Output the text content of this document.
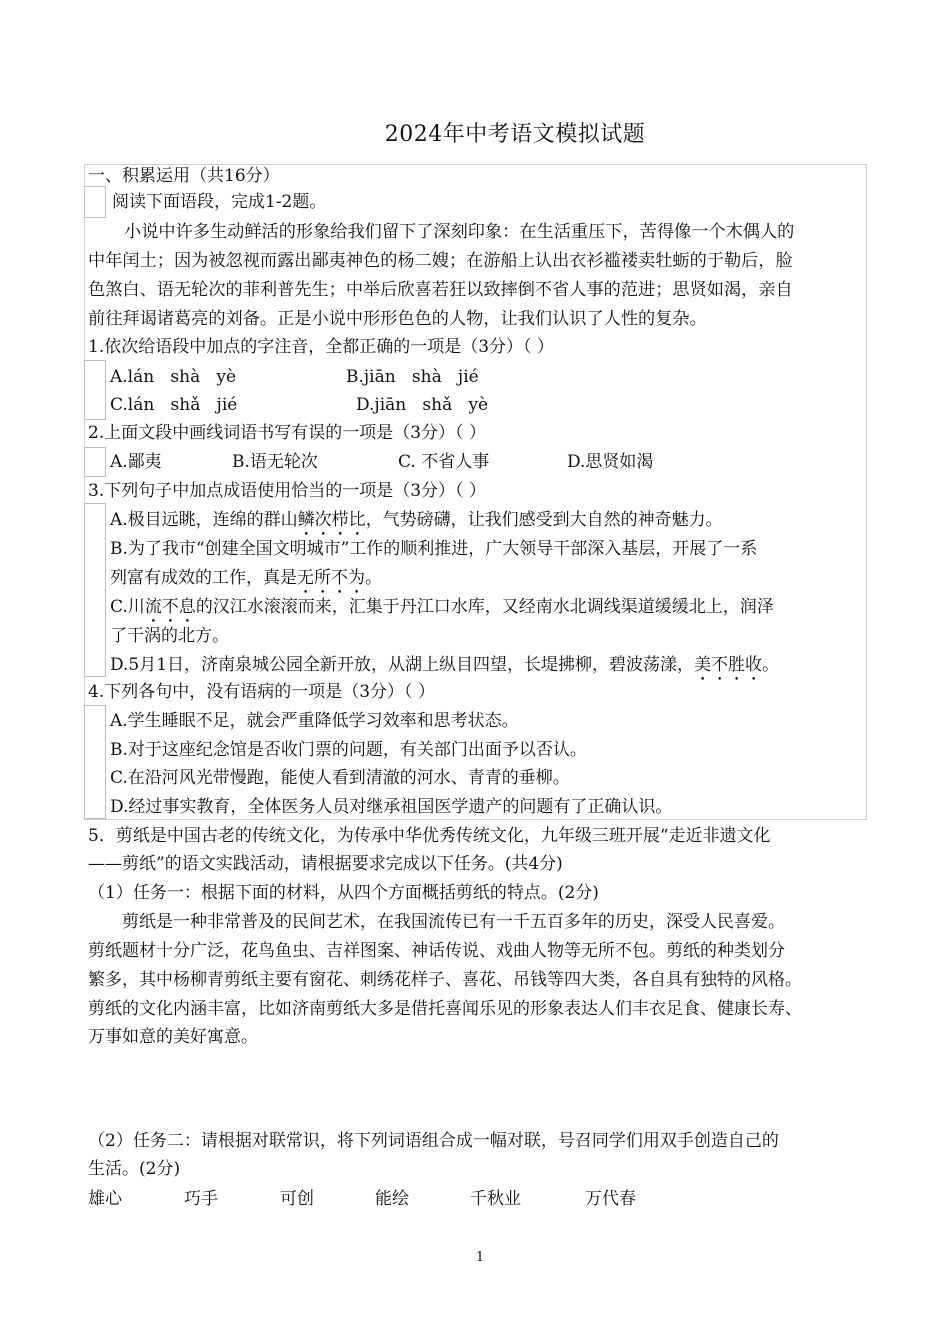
2024年中考语文模拟试题
一、积累运用（共16分）
阅读下面语段，完成1-2题。
小说中许多生动鲜活的形象给我们留下了深刻印象：在生活重压下，苦得像一个木偶人的
中年闰土；因为被忽视而露出鄙夷神色的杨二嫂；在游船上认出衣衫褴褛卖牡蛎的于勒后，脸
色煞白、语无轮次的菲利普先生；中举后欣喜若狂以致摔倒不省人事的范进；思贤如渴，亲自
前往拜谒诸葛亮的刘备。正是小说中形形色色的人物，让我们认识了人性的复杂。
1.依次给语段中加点的字注音，全都正确的一项是（3分）（ ）
A.lán   shà   yè	B.jiān   shà   jié
C.lán   shǎ   jié	D.jiān   shǎ   yè
2.上面文段中画线词语书写有误的一项是（3分）（ ）
A.鄙夷	B.语无轮次	C. 不省人事	D.思贤如渴
3.下列句子中加点成语使用恰当的一项是（3分）（ ）
A.极目远眺，连绵的群山鳞次栉比，气势磅礴，让我们感受到大自然的神奇魅力。
B.为了我市“创建全国文明城市”工作的顺利推进，广大领导干部深入基层，开展了一系
列富有成效的工作，真是无所不为。
C.川流不息的汉江水滚滚而来，汇集于丹江口水库，又经南水北调线渠道缓缓北上，润泽
了干涡的北方。
D.5月1日，济南泉城公园全新开放，从湖上纵目四望，长堤拂柳，碧波荡漾，美不胜收。
4.下列各句中，没有语病的一项是（3分）（ ）
A.学生睡眠不足，就会严重降低学习效率和思考状态。
B.对于这座纪念馆是否收门票的问题，有关部门出面予以否认。
C.在沿河风光带慢跑，能使人看到清澈的河水、青青的垂柳。
D.经过事实教育，全体医务人员对继承祖国医学遗产的问题有了正确认识。
5．剪纸是中国古老的传统文化，为传承中华优秀传统文化，九年级三班开展“走近非遗文化
——剪纸”的语文实践活动，请根据要求完成以下任务。(共4分)
（1）任务一：根据下面的材料，从四个方面概括剪纸的特点。(2分)
剪纸是一种非常普及的民间艺术，在我国流传已有一千五百多年的历史，深受人民喜爱。
剪纸题材十分广泛，花鸟鱼虫、吉祥图案、神话传说、戏曲人物等无所不包。剪纸的种类划分
繁多，其中杨柳青剪纸主要有窗花、刺绣花样子、喜花、吊钱等四大类，各自具有独特的风格。
剪纸的文化内涵丰富，比如济南剪纸大多是借托喜闻乐见的形象表达人们丰衣足食、健康长寿、
万事如意的美好寓意。
（2）任务二：请根据对联常识，将下列词语组合成一幅对联，号召同学们用双手创造自己的
生活。(2分)
雄心	巧手	可创	能绘	千秋业	万代春
1
